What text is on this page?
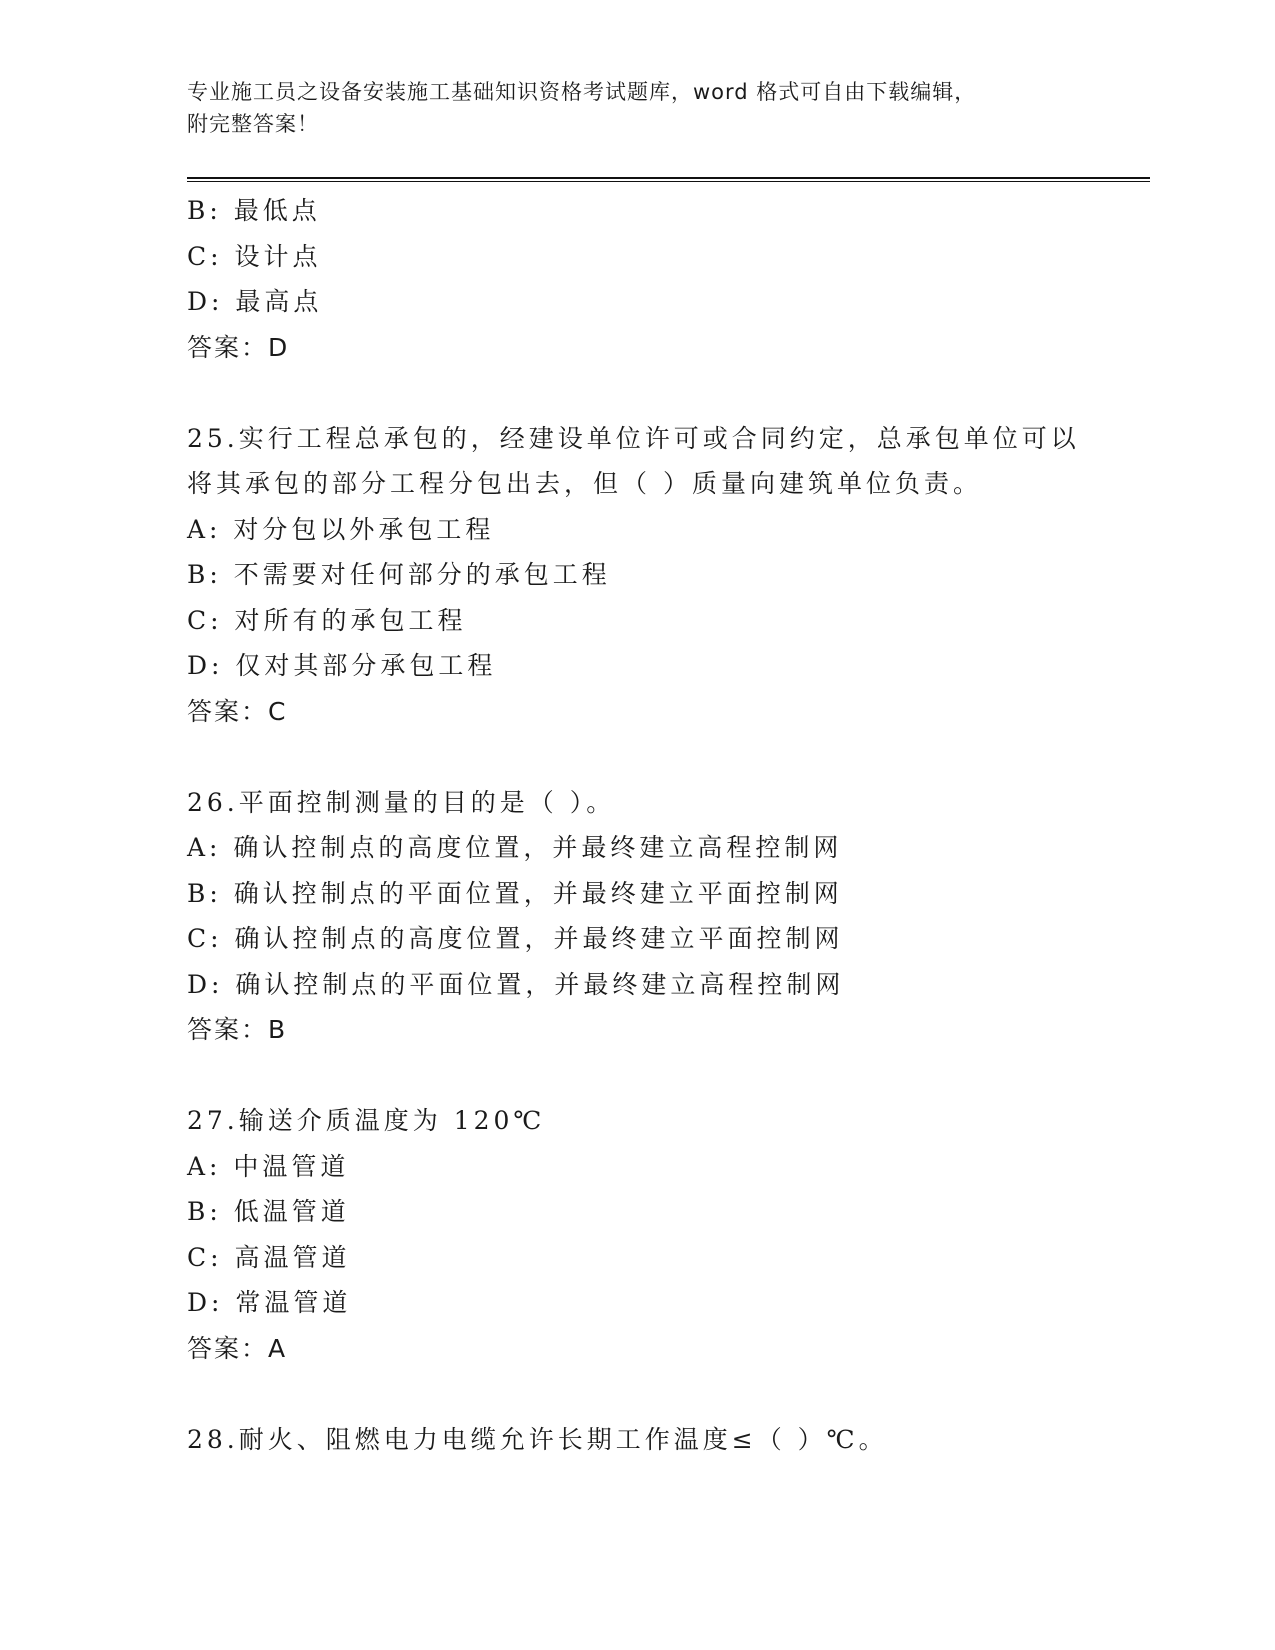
专业施工员之设备安装施工基础知识资格考试题库，word 格式可自由下载编辑，
附完整答案！
B: 最低点
C: 设计点
D: 最高点
答案：D
25.实行工程总承包的，经建设单位许可或合同约定，总承包单位可以
将其承包的部分工程分包出去，但（ ）质量向建筑单位负责。
A: 对分包以外承包工程
B: 不需要对任何部分的承包工程
C: 对所有的承包工程
D: 仅对其部分承包工程
答案：C
26.平面控制测量的目的是（ ）。
A: 确认控制点的高度位置，并最终建立高程控制网
B: 确认控制点的平面位置，并最终建立平面控制网
C: 确认控制点的高度位置，并最终建立平面控制网
D: 确认控制点的平面位置，并最终建立高程控制网
答案：B
27.输送介质温度为 120℃
A: 中温管道
B: 低温管道
C: 高温管道
D: 常温管道
答案：A
28.耐火、阻燃电力电缆允许长期工作温度≤（ ）℃。
